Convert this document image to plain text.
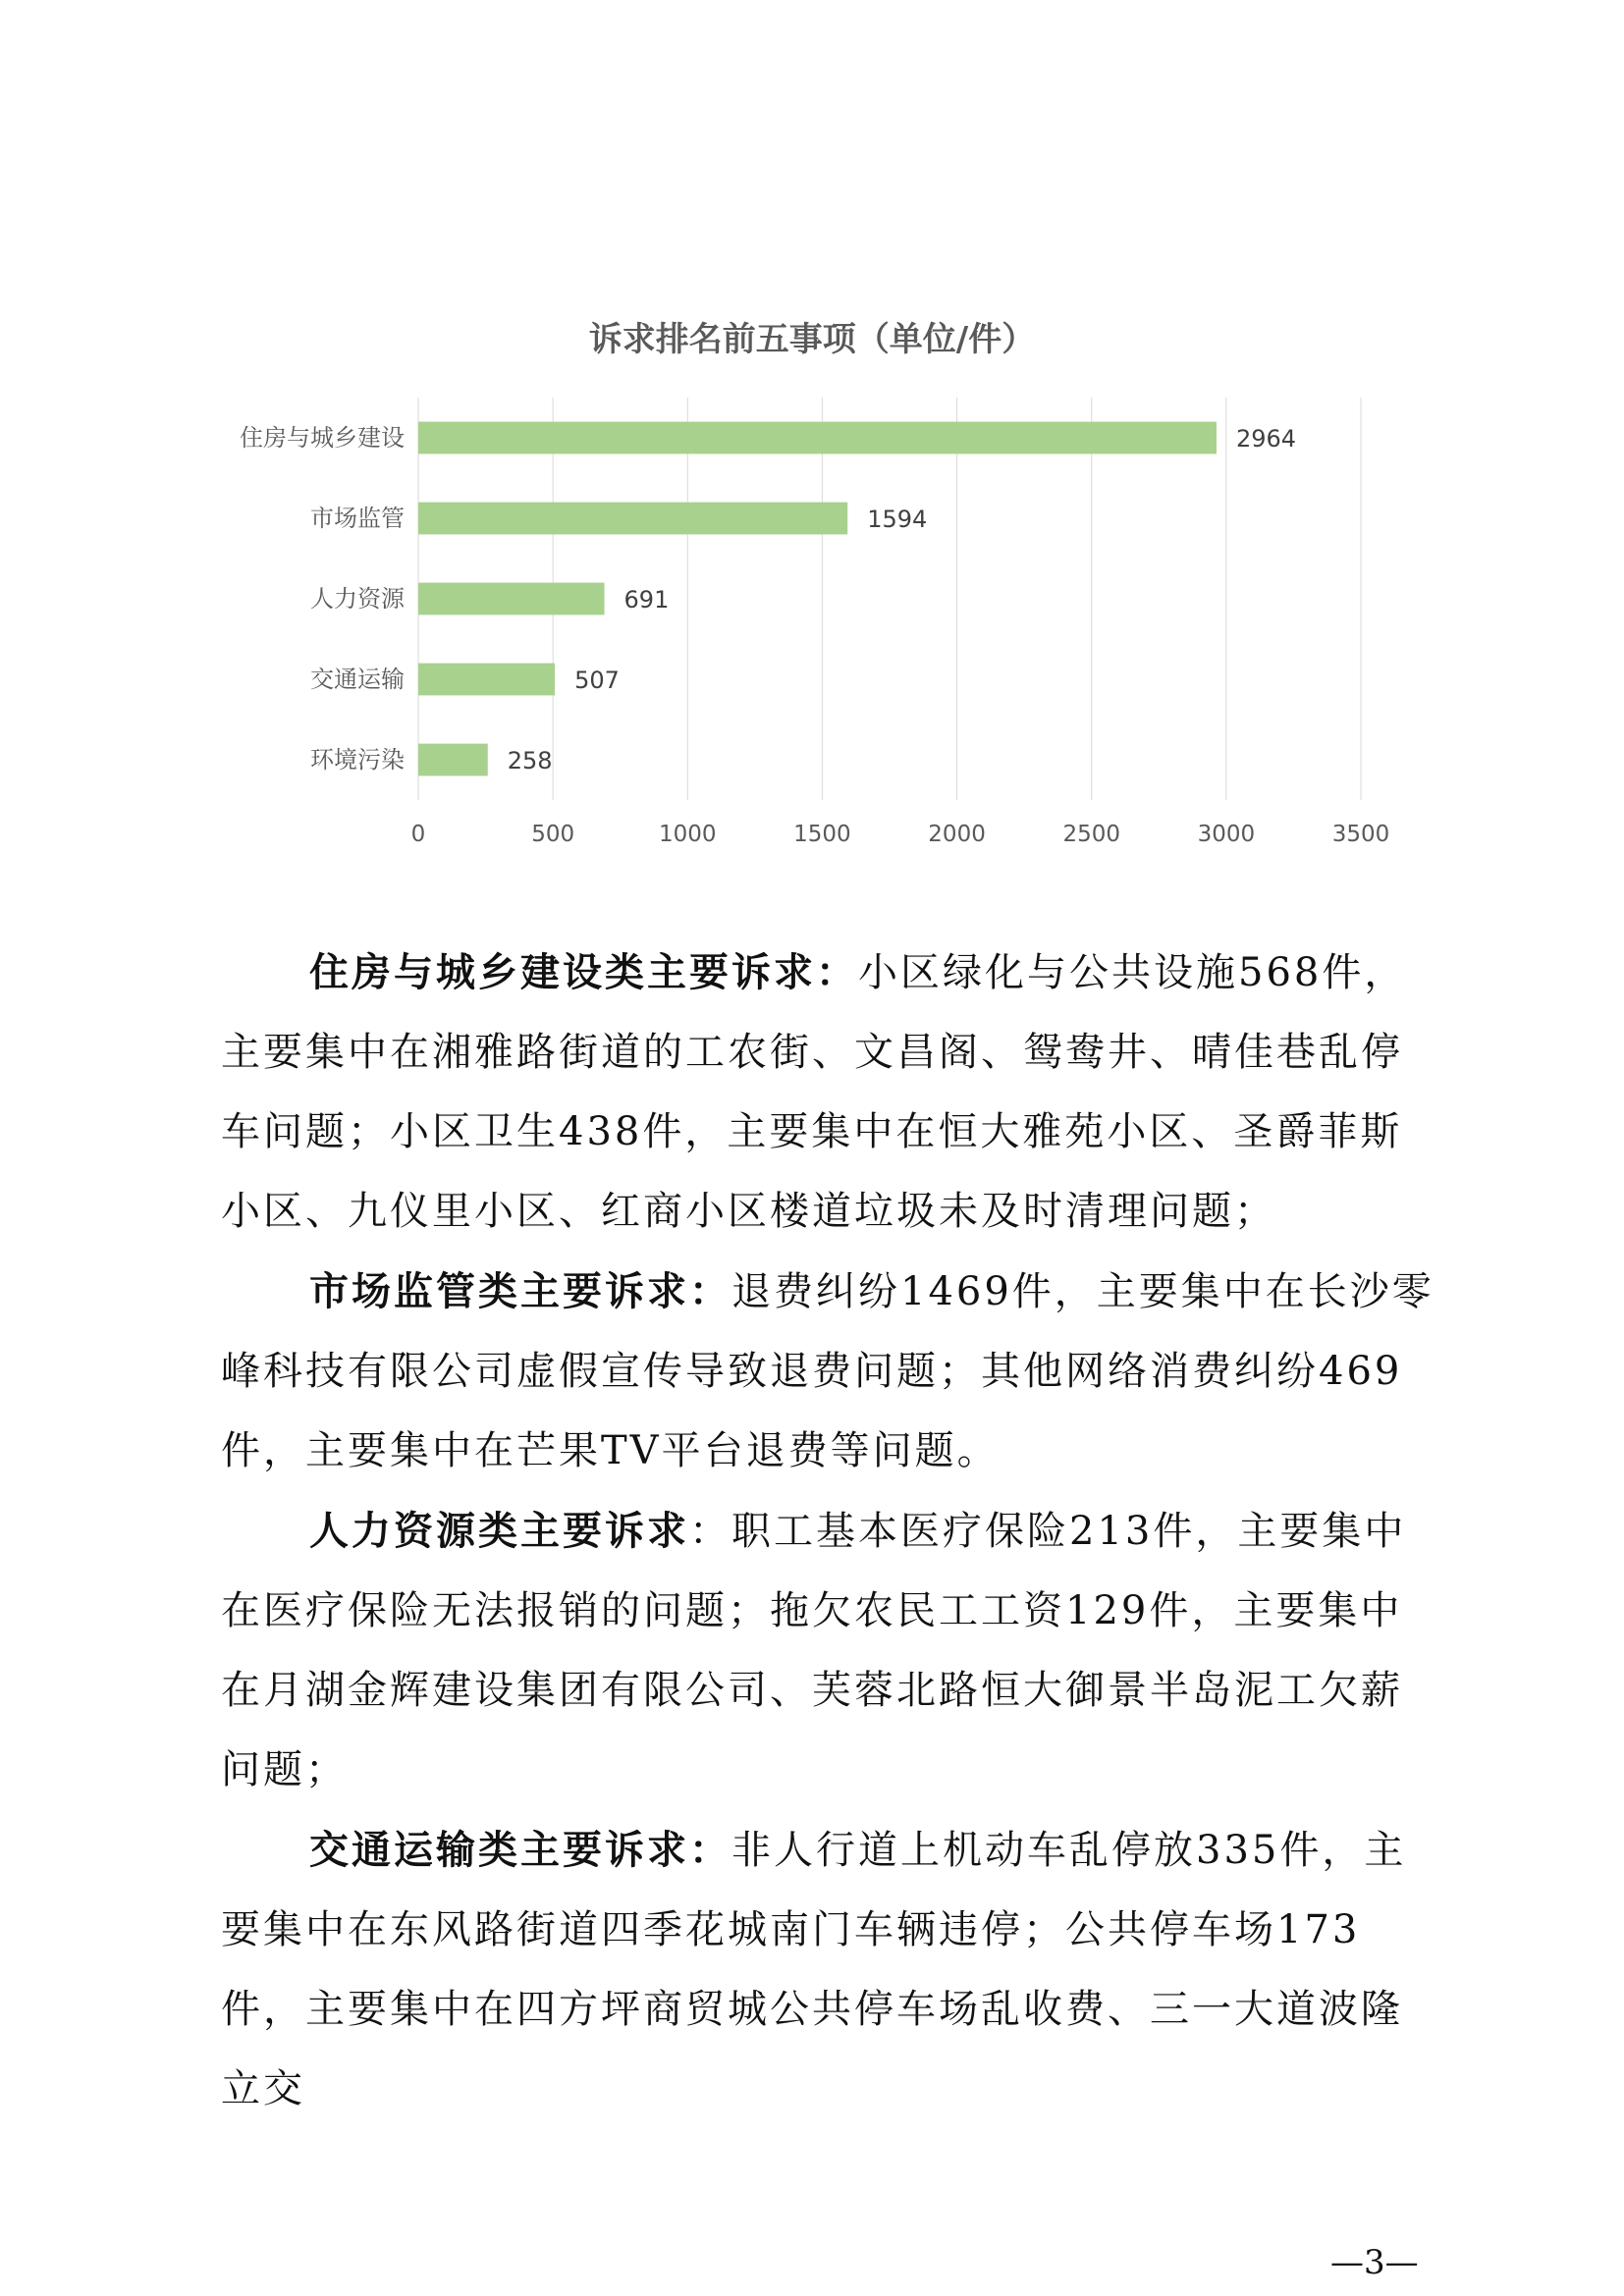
诉求排名前五事项（单位/件）
住房与城乡建设	2964
市场监管	1594
人力资源	691
交通运输	507
环境污染	258
0	500	1000	1500	2000	2500	3000	3500

住房与城乡建设类主要诉求：小区绿化与公共设施568件，主要集中在湘雅路街道的工农街、文昌阁、鸳鸯井、晴佳巷乱停车问题；小区卫生438件，主要集中在恒大雅苑小区、圣爵菲斯小区、九仪里小区、红商小区楼道垃圾未及时清理问题；

市场监管类主要诉求：退费纠纷1469件，主要集中在长沙零峰科技有限公司虚假宣传导致退费问题；其他网络消费纠纷469件，主要集中在芒果TV平台退费等问题。

人力资源类主要诉求：职工基本医疗保险213件，主要集中在医疗保险无法报销的问题；拖欠农民工工资129件，主要集中在月湖金辉建设集团有限公司、芙蓉北路恒大御景半岛泥工欠薪问题；

交通运输类主要诉求：非人行道上机动车乱停放335件，主要集中在东风路街道四季花城南门车辆违停；公共停车场173件，主要集中在四方坪商贸城公共停车场乱收费、三一大道波隆立交

—3—
